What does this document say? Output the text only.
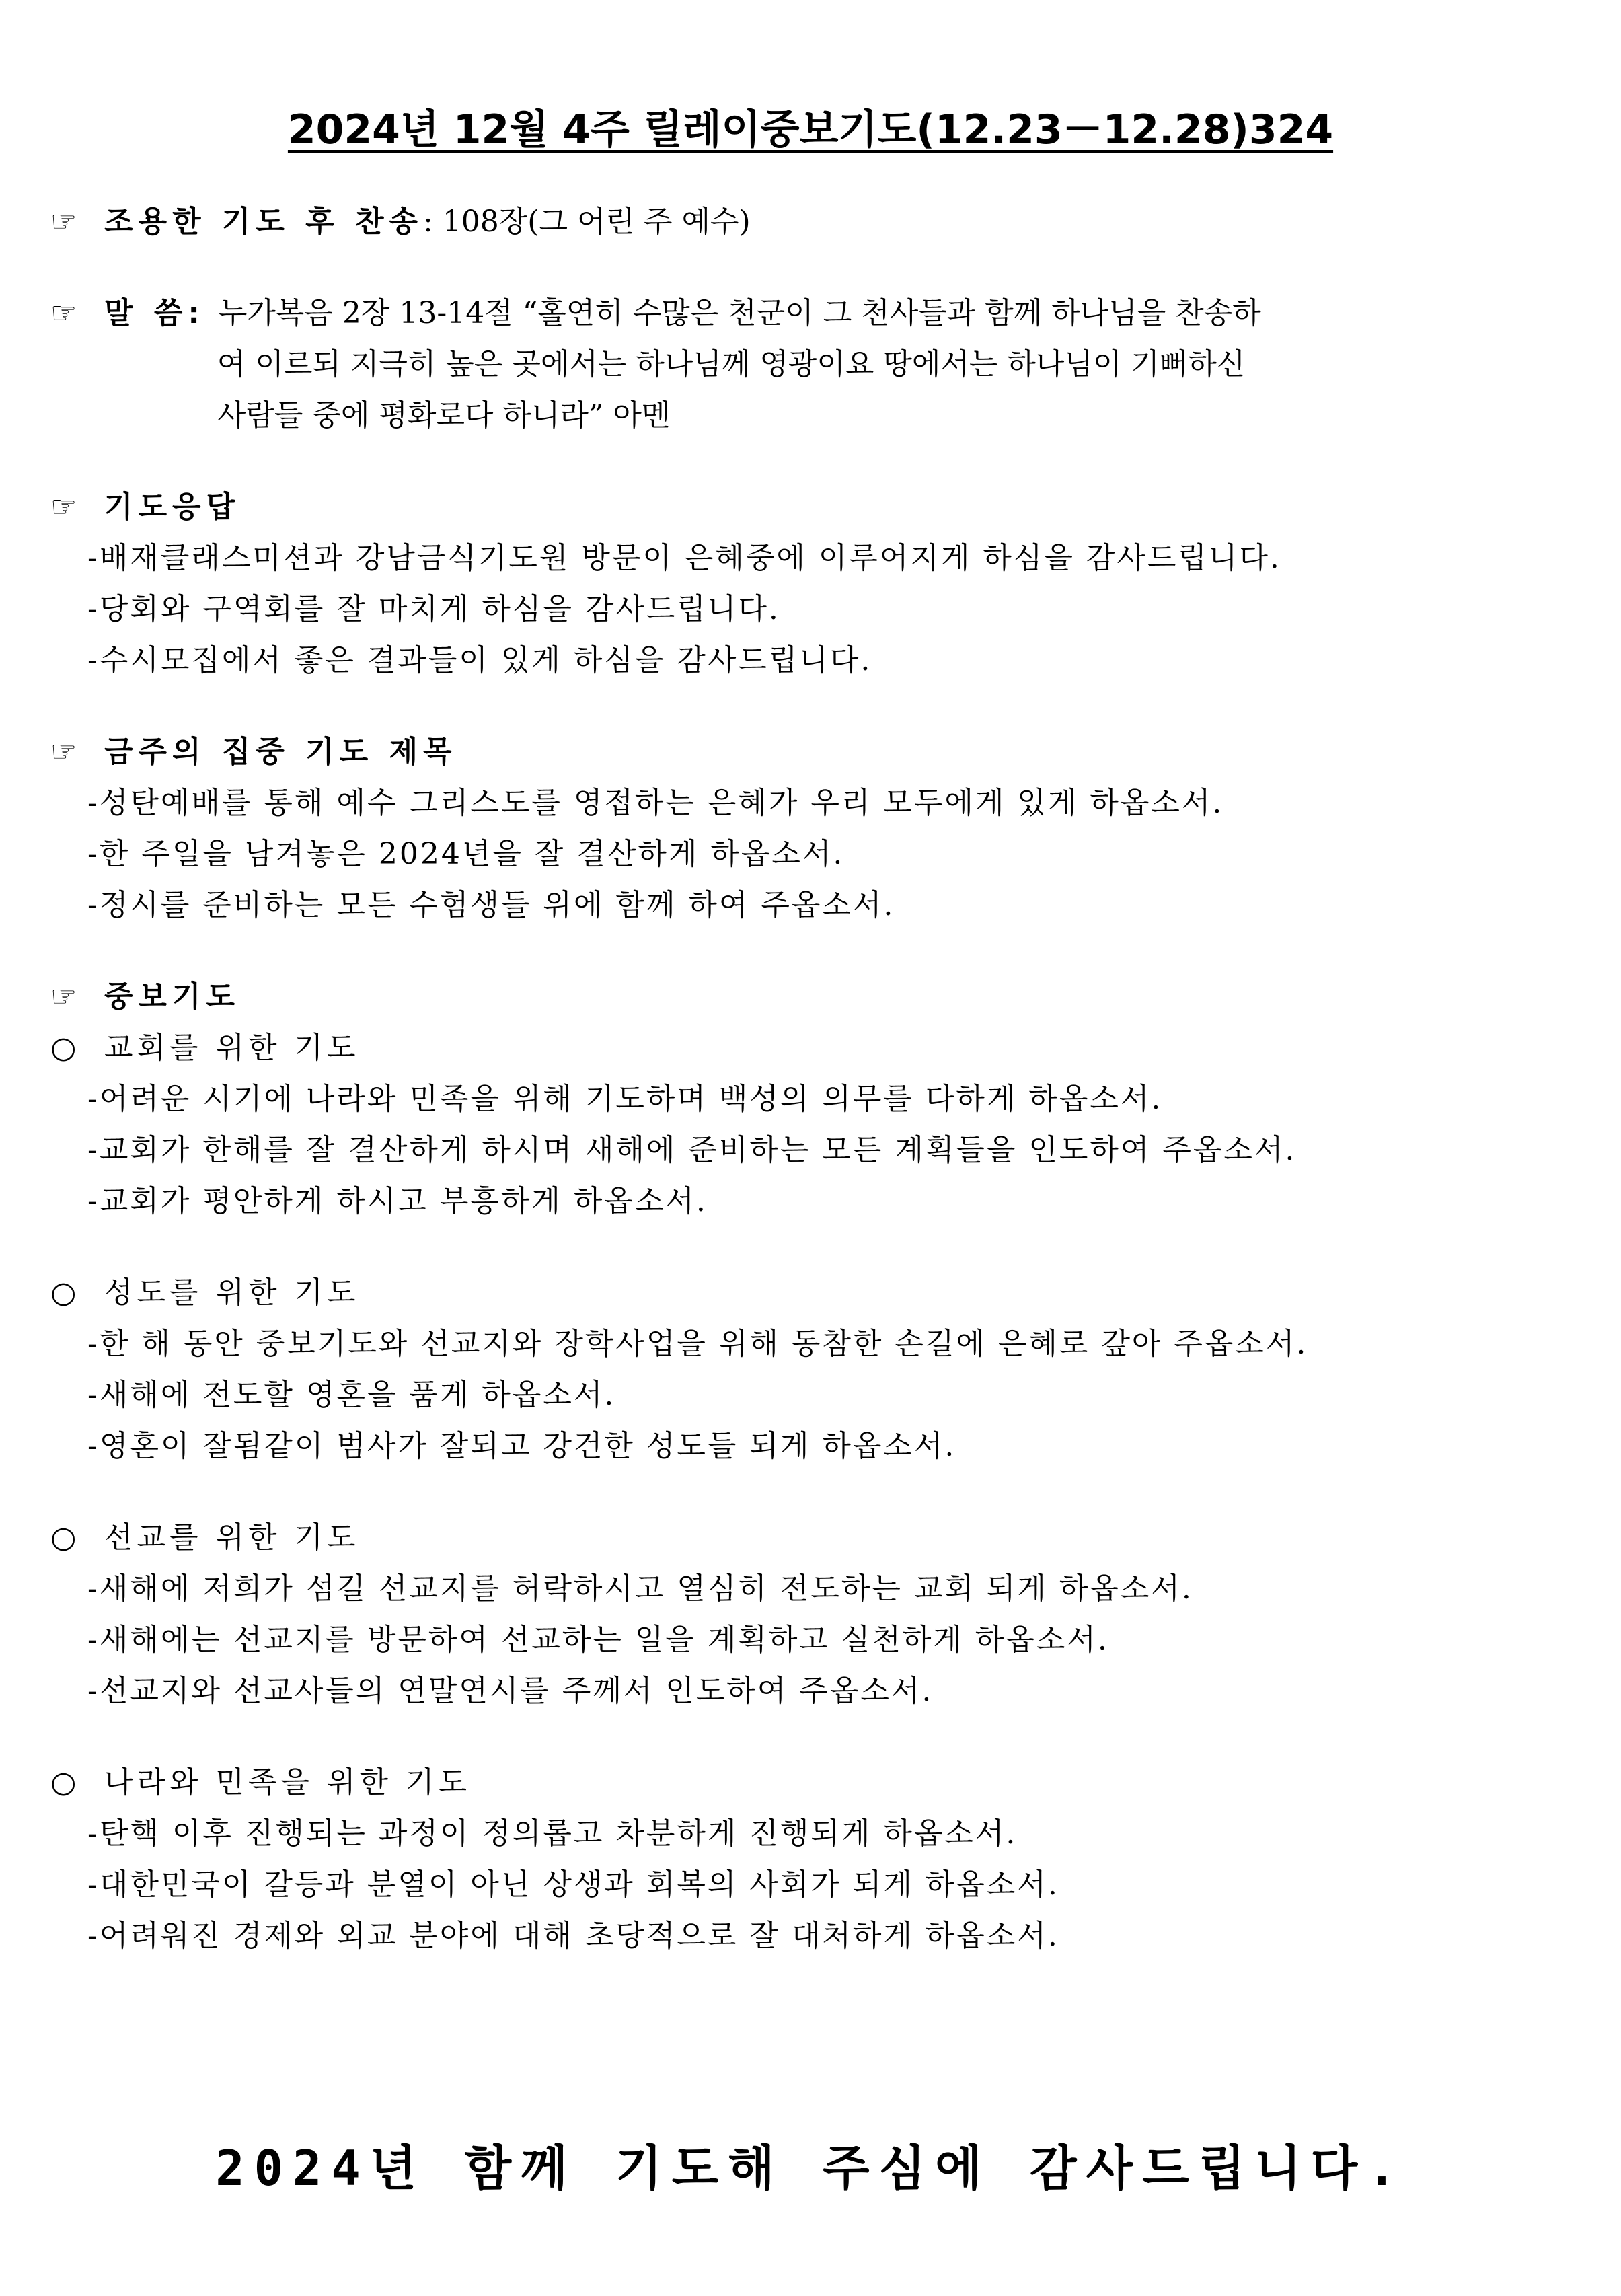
2024년 12월 4주 릴레이중보기도(12.23－12.28)324
☞ 조용한 기도 후 찬송 : 108장(그 어린 주 예수)
☞ 말 씀: 누가복음 2장 13-14절 “홀연히 수많은 천군이 그 천사들과 함께 하나님을 찬송하
여 이르되 지극히 높은 곳에서는 하나님께 영광이요 땅에서는 하나님이 기뻐하신
사람들 중에 평화로다 하니라” 아멘
☞ 기도응답
-배재클래스미션과 강남금식기도원 방문이 은혜중에 이루어지게 하심을 감사드립니다.
-당회와 구역회를 잘 마치게 하심을 감사드립니다.
-수시모집에서 좋은 결과들이 있게 하심을 감사드립니다.
☞ 금주의 집중 기도 제목
-성탄예배를 통해 예수 그리스도를 영접하는 은혜가 우리 모두에게 있게 하옵소서.
-한 주일을 남겨놓은 2024년을 잘 결산하게 하옵소서.
-정시를 준비하는 모든 수험생들 위에 함께 하여 주옵소서.
☞ 중보기도
○ 교회를 위한 기도
-어려운 시기에 나라와 민족을 위해 기도하며 백성의 의무를 다하게 하옵소서.
-교회가 한해를 잘 결산하게 하시며 새해에 준비하는 모든 계획들을 인도하여 주옵소서.
-교회가 평안하게 하시고 부흥하게 하옵소서.
○ 성도를 위한 기도
-한 해 동안 중보기도와 선교지와 장학사업을 위해 동참한 손길에 은혜로 갚아 주옵소서.
-새해에 전도할 영혼을 품게 하옵소서.
-영혼이 잘됨같이 범사가 잘되고 강건한 성도들 되게 하옵소서.
○ 선교를 위한 기도
-새해에 저희가 섬길 선교지를 허락하시고 열심히 전도하는 교회 되게 하옵소서.
-새해에는 선교지를 방문하여 선교하는 일을 계획하고 실천하게 하옵소서.
-선교지와 선교사들의 연말연시를 주께서 인도하여 주옵소서.
○ 나라와 민족을 위한 기도
-탄핵 이후 진행되는 과정이 정의롭고 차분하게 진행되게 하옵소서.
-대한민국이 갈등과 분열이 아닌 상생과 회복의 사회가 되게 하옵소서.
-어려워진 경제와 외교 분야에 대해 초당적으로 잘 대처하게 하옵소서.
2024년 함께 기도해 주심에 감사드립니다.
